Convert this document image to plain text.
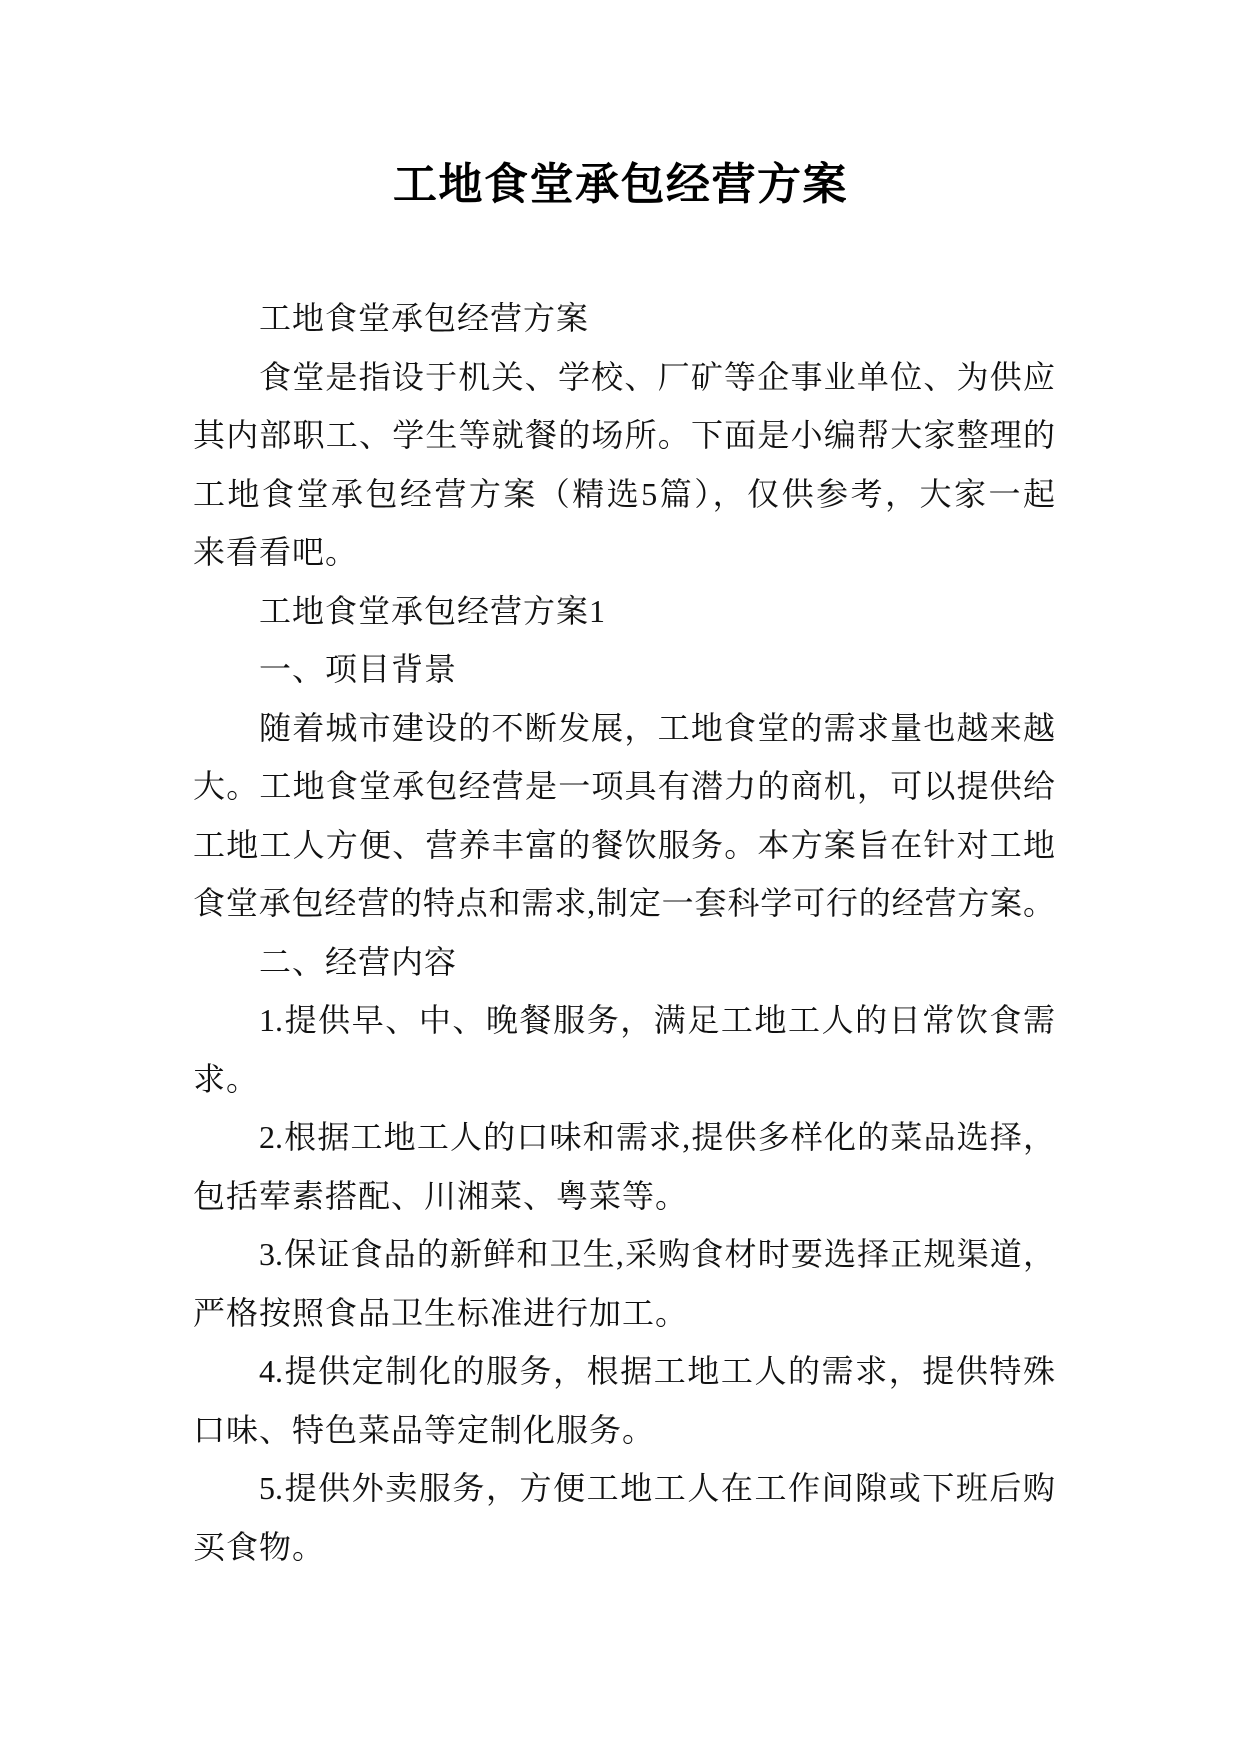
工地食堂承包经营方案
工地食堂承包经营方案
食堂是指设于机关、学校、厂矿等企事业单位、为供应
其内部职工、学生等就餐的场所。下面是小编帮大家整理的
工地食堂承包经营方案（精选5篇），仅供参考，大家一起
来看看吧。
工地食堂承包经营方案1
一、项目背景
随着城市建设的不断发展，工地食堂的需求量也越来越
大。工地食堂承包经营是一项具有潜力的商机，可以提供给
工地工人方便、营养丰富的餐饮服务。本方案旨在针对工地
食堂承包经营的特点和需求,制定一套科学可行的经营方案。
二、经营内容
1.提供早、中、晚餐服务，满足工地工人的日常饮食需
求。
2.根据工地工人的口味和需求,提供多样化的菜品选择，
包括荤素搭配、川湘菜、粤菜等。
3.保证食品的新鲜和卫生,采购食材时要选择正规渠道，
严格按照食品卫生标准进行加工。
4.提供定制化的服务，根据工地工人的需求，提供特殊
口味、特色菜品等定制化服务。
5.提供外卖服务，方便工地工人在工作间隙或下班后购
买食物。
